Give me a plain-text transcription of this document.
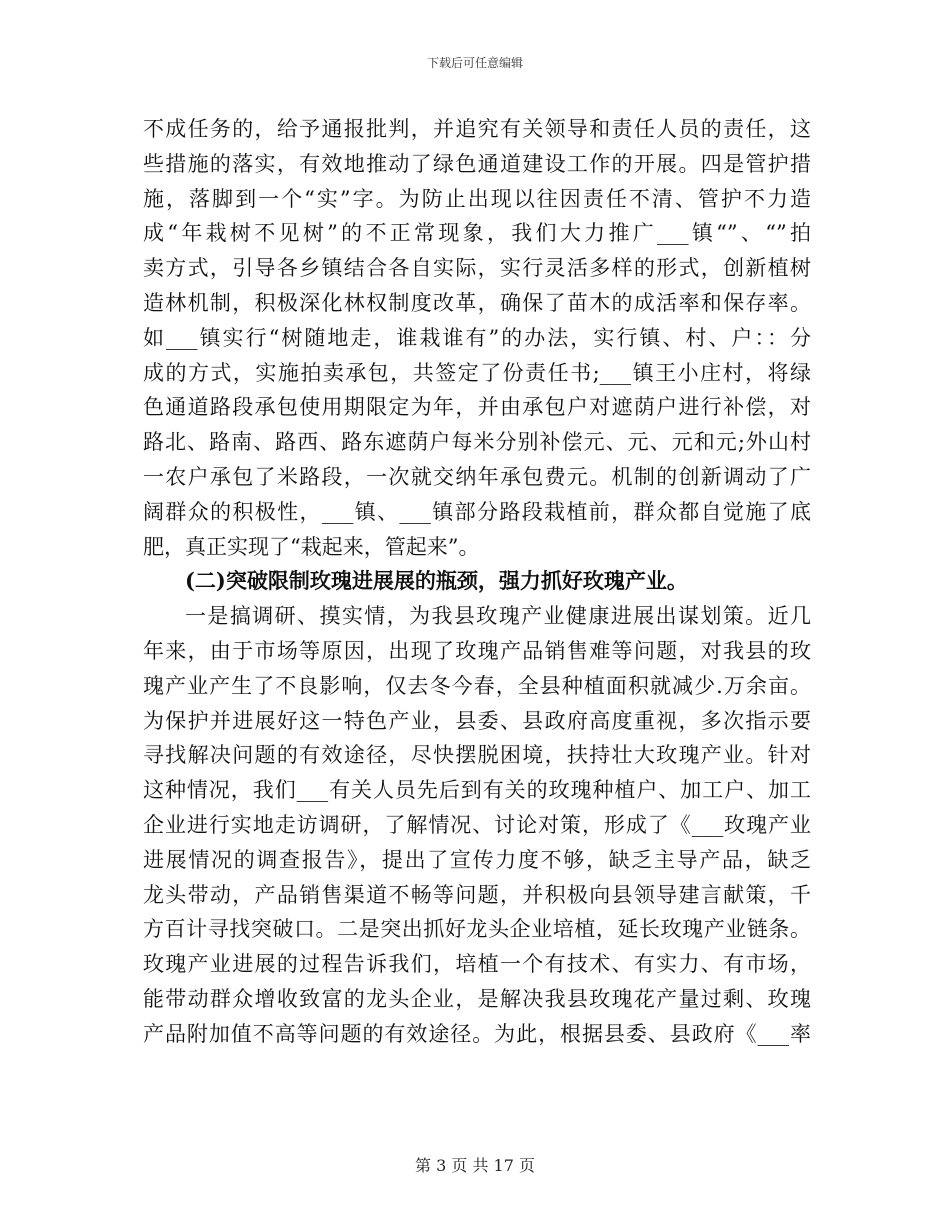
下载后可任意编辑
不成任务的，给予通报批判，并追究有关领导和责任人员的责任，这
些措施的落实，有效地推动了绿色通道建设工作的开展。四是管护措
施，落脚到一个“实”字。为防止出现以往因责任不清、管护不力造
成“年栽树不见树”的不正常现象，我们大力推广___镇“”、“”拍
卖方式，引导各乡镇结合各自实际，实行灵活多样的形式，创新植树
造林机制，积极深化林权制度改革，确保了苗木的成活率和保存率。
如___镇实行“树随地走，谁栽谁有”的办法，实行镇、村、户：：分
成的方式，实施拍卖承包，共签定了份责任书;___镇王小庄村，将绿
色通道路段承包使用期限定为年，并由承包户对遮荫户进行补偿，对
路北、路南、路西、路东遮荫户每米分别补偿元、元、元和元;外山村
一农户承包了米路段，一次就交纳年承包费元。机制的创新调动了广
阔群众的积极性，___镇、___镇部分路段栽植前，群众都自觉施了底
肥，真正实现了“栽起来，管起来”。
(二)突破限制玫瑰进展展的瓶颈，强力抓好玫瑰产业。
一是搞调研、摸实情，为我县玫瑰产业健康进展出谋划策。近几
年来，由于市场等原因，出现了玫瑰产品销售难等问题，对我县的玫
瑰产业产生了不良影响，仅去冬今春，全县种植面积就减少.万余亩。
为保护并进展好这一特色产业，县委、县政府高度重视，多次指示要
寻找解决问题的有效途径，尽快摆脱困境，扶持壮大玫瑰产业。针对
这种情况，我们___有关人员先后到有关的玫瑰种植户、加工户、加工
企业进行实地走访调研，了解情况、讨论对策，形成了《___玫瑰产业
进展情况的调查报告》，提出了宣传力度不够，缺乏主导产品，缺乏
龙头带动，产品销售渠道不畅等问题，并积极向县领导建言献策，千
方百计寻找突破口。二是突出抓好龙头企业培植，延长玫瑰产业链条。
玫瑰产业进展的过程告诉我们，培植一个有技术、有实力、有市场，
能带动群众增收致富的龙头企业，是解决我县玫瑰花产量过剩、玫瑰
产品附加值不高等问题的有效途径。为此，根据县委、县政府《___率
第 3 页 共 17 页
